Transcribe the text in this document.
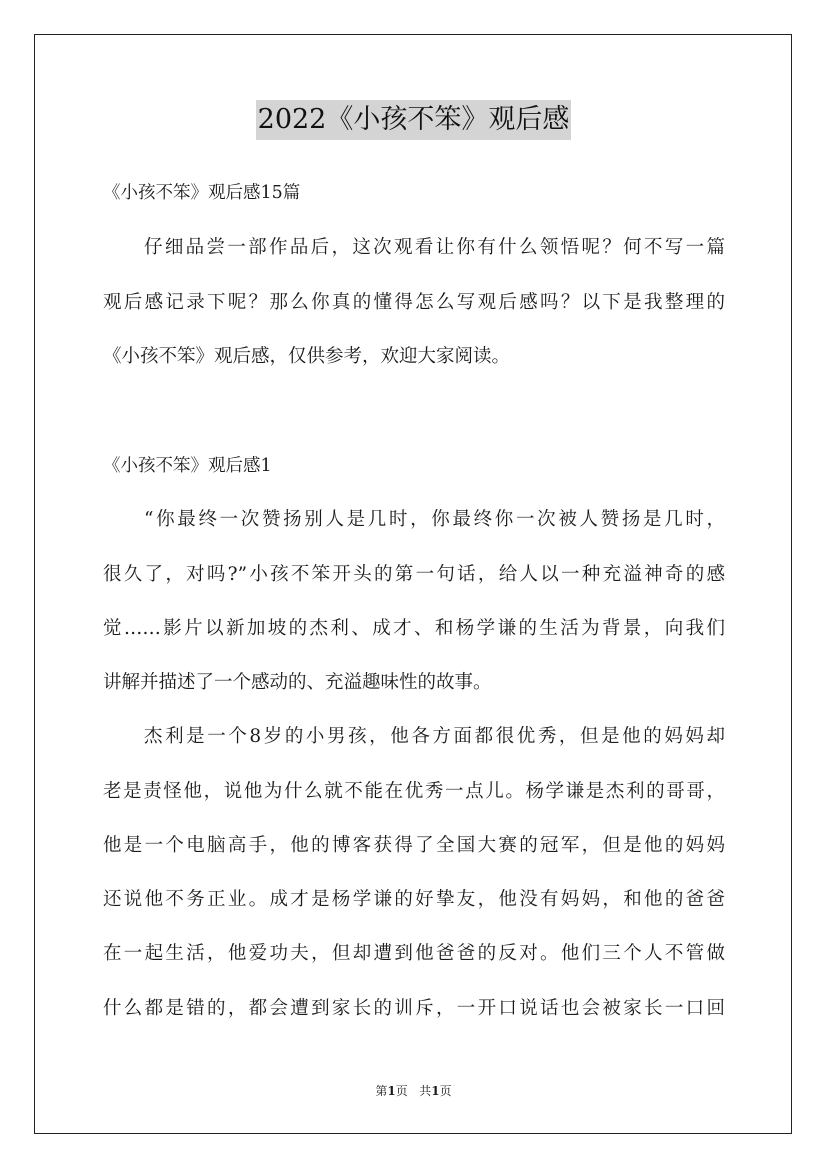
2022《小孩不笨》观后感
《小孩不笨》观后感15篇
仔细品尝一部作品后，这次观看让你有什么领悟呢？何不写一篇
观后感记录下呢？那么你真的懂得怎么写观后感吗？以下是我整理的
《小孩不笨》观后感，仅供参考，欢迎大家阅读。
《小孩不笨》观后感1
“你最终一次赞扬别人是几时，你最终你一次被人赞扬是几时，
很久了，对吗?”小孩不笨开头的第一句话，给人以一种充溢神奇的感
觉……影片以新加坡的杰利、成才、和杨学谦的生活为背景，向我们
讲解并描述了一个感动的、充溢趣味性的故事。
杰利是一个8岁的小男孩，他各方面都很优秀，但是他的妈妈却
老是责怪他，说他为什么就不能在优秀一点儿。杨学谦是杰利的哥哥，
他是一个电脑高手，他的博客获得了全国大赛的冠军，但是他的妈妈
还说他不务正业。成才是杨学谦的好挚友，他没有妈妈，和他的爸爸
在一起生活，他爱功夫，但却遭到他爸爸的反对。他们三个人不管做
什么都是错的，都会遭到家长的训斥，一开口说话也会被家长一口回
第1页 共1页
